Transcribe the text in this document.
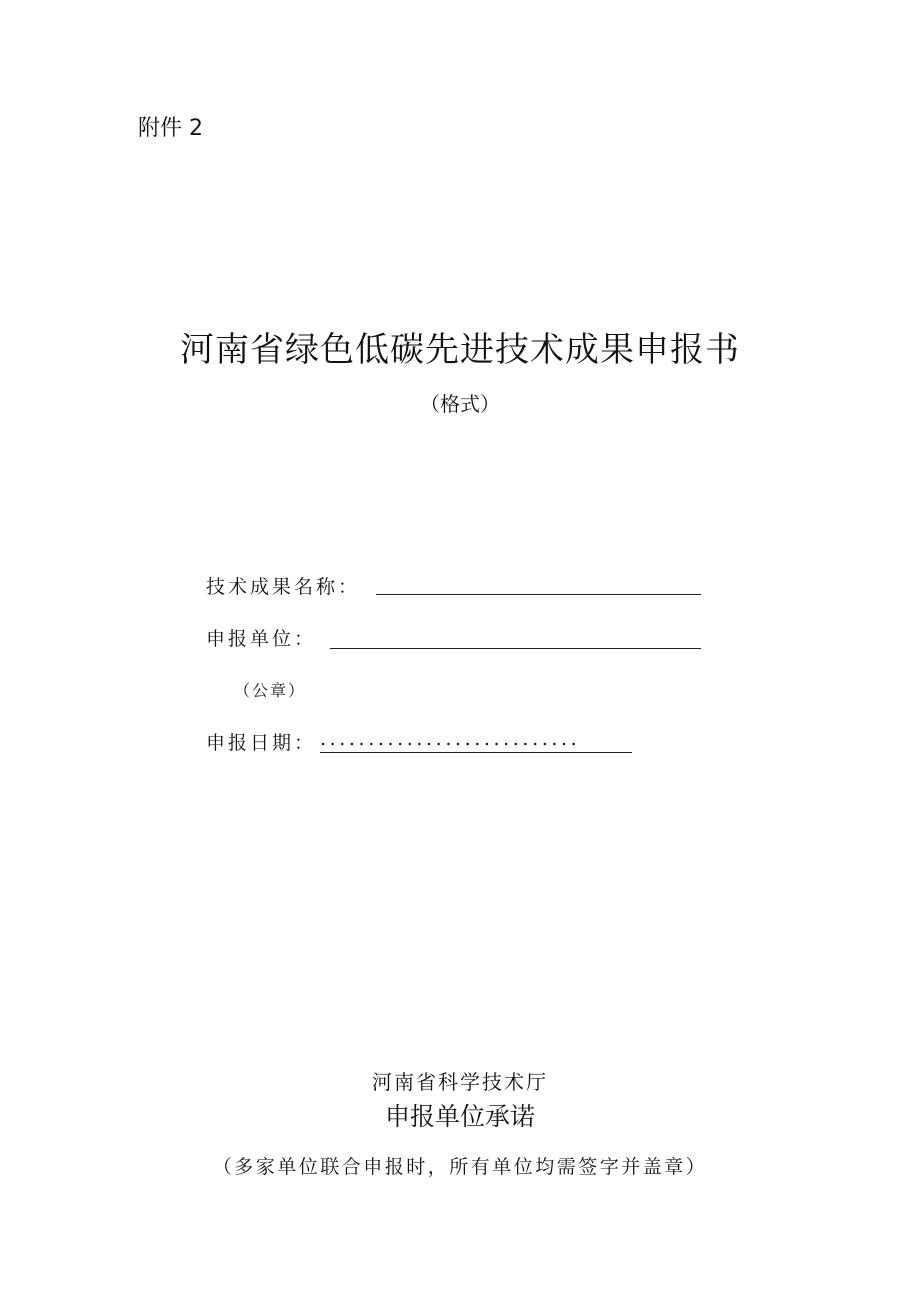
附件 2
河南省绿色低碳先进技术成果申报书
（格式）
技术成果名称：
申报单位：
（公章）
申报日期： ...........................
河南省科学技术厅
申报单位承诺
（多家单位联合申报时，所有单位均需签字并盖章）
